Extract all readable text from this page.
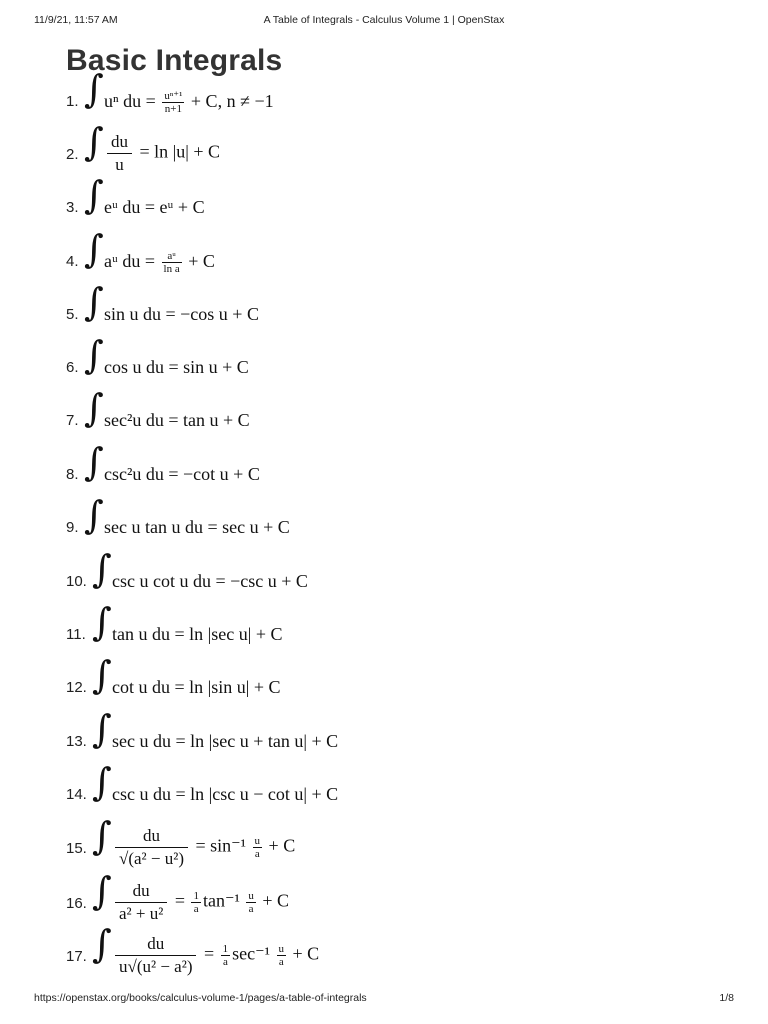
11/9/21, 11:57 AM	A Table of Integrals - Calculus Volume 1 | OpenStax
Basic Integrals
1. ∫ uⁿ du = $\frac{\text{uⁿ⁺¹}}{n+1} + C$, n ≠ −1
2. ∫ $\frac{du}{u} = \ln |u| + C$
3. ∫ eᵘ du = eᵘ + C
4. ∫ aᵘ du = $\frac{\text{aᵘ}}{\text{ln a}} + C$
5. ∫ sin u du = −cos u + C
6. ∫ cos u du = sin u + C
7. ∫ sec²u du = tan u + C
8. ∫ csc²u du = −cot u + C
9. ∫ sec u tan u du = sec u + C
10. ∫ csc u cot u du = −csc u + C
11. ∫ tan u du = ln |sec u| + C
12. ∫ cot u du = ln |sin u| + C
13. ∫ sec u du = ln |sec u + tan u| + C
14. ∫ csc u du = ln |csc u − cot u| + C
15. ∫ $\frac{du}{\text{√(a² − u²)}} = \sin^{-1} \frac{u}{a} + C$
16. ∫ $\frac{du}{\text{a² + u²}} = \frac{1}{a} \tan^{-1} \frac{u}{a} + C$
17. ∫ $\frac{du}{\text{u√(u² − a²)}} = \frac{1}{a} \sec^{-1} \frac{u}{a} + C$
https://openstax.org/books/calculus-volume-1/pages/a-table-of-integrals	1/8
